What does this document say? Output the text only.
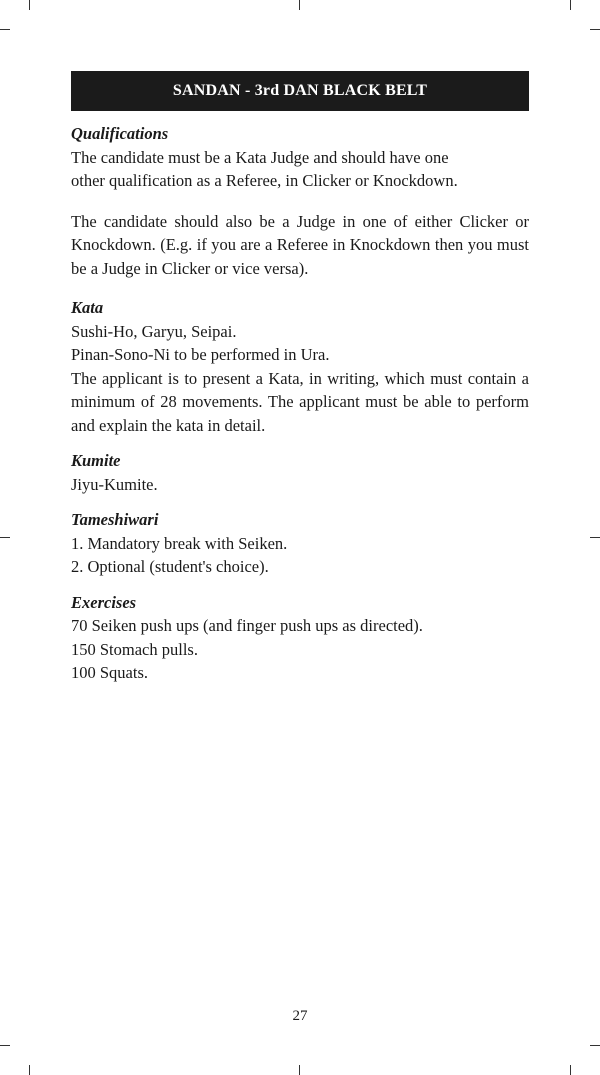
SANDAN - 3rd DAN BLACK BELT

Qualifications

The candidate must be a Kata Judge and should have one

other qualification as a Referee, in Clicker or Knockdown.

The candidate should also be a Judge in one of either Clicker or Knockdown. (E.g. if you are a Referee in Knockdown then you must be a Judge in Clicker or vice versa).

Kata

Sushi-Ho, Garyu, Seipai.

Pinan-Sono-Ni to be performed in Ura.

The applicant is to present a Kata, in writing, which must contain a minimum of 28 movements. The applicant must be able to perform and explain the kata in detail.

Kumite

Jiyu-Kumite.

Tameshiwari

1. Mandatory break with Seiken.

2. Optional (student's choice).

Exercises

70 Seiken push ups (and finger push ups as directed).

150 Stomach pulls.

100 Squats.

27
